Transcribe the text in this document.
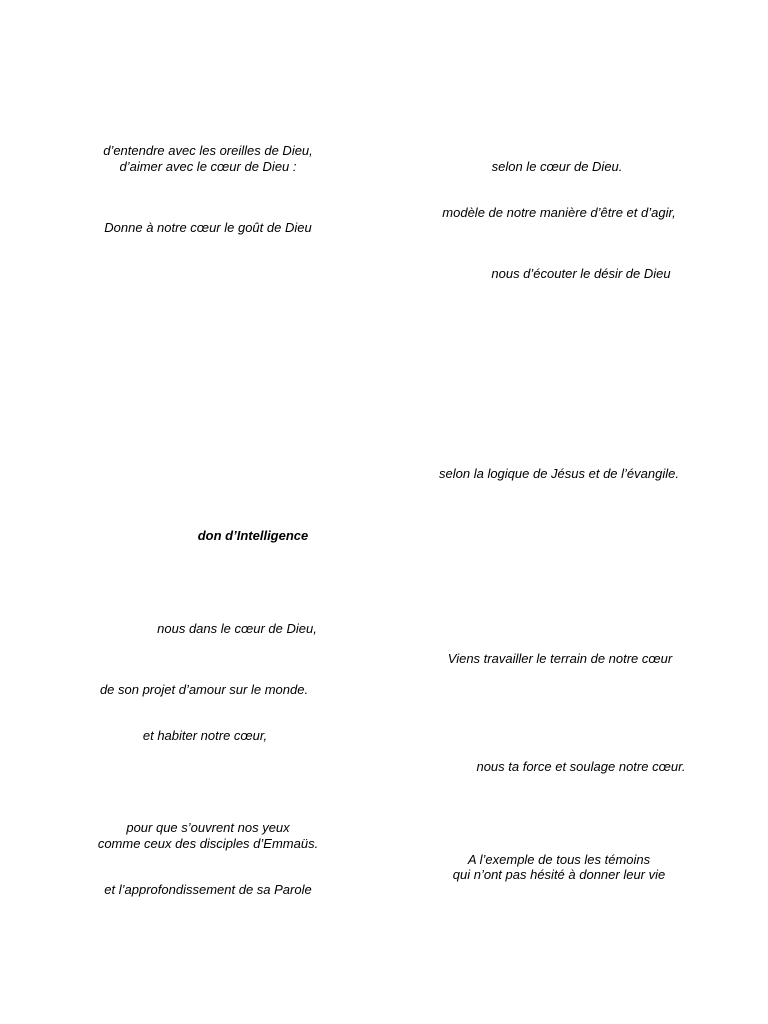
d’entendre avec les oreilles de Dieu,
d’aimer avec le cœur de Dieu :
Donne à notre cœur le goût de Dieu
don d’Intelligence
nous dans le cœur de Dieu,
de son projet d’amour sur le monde.
et habiter notre cœur,
pour que s’ouvrent nos yeux
comme ceux des disciples d’Emmaüs.
et l’approfondissement de sa Parole
selon le cœur de Dieu.
modèle de notre manière d’être et d’agir,
nous d’écouter le désir de Dieu
selon la logique de Jésus et de l’évangile.
Viens travailler le terrain de notre cœur
nous ta force et soulage notre cœur.
A l’exemple de tous les témoins
qui n’ont pas hésité à donner leur vie
